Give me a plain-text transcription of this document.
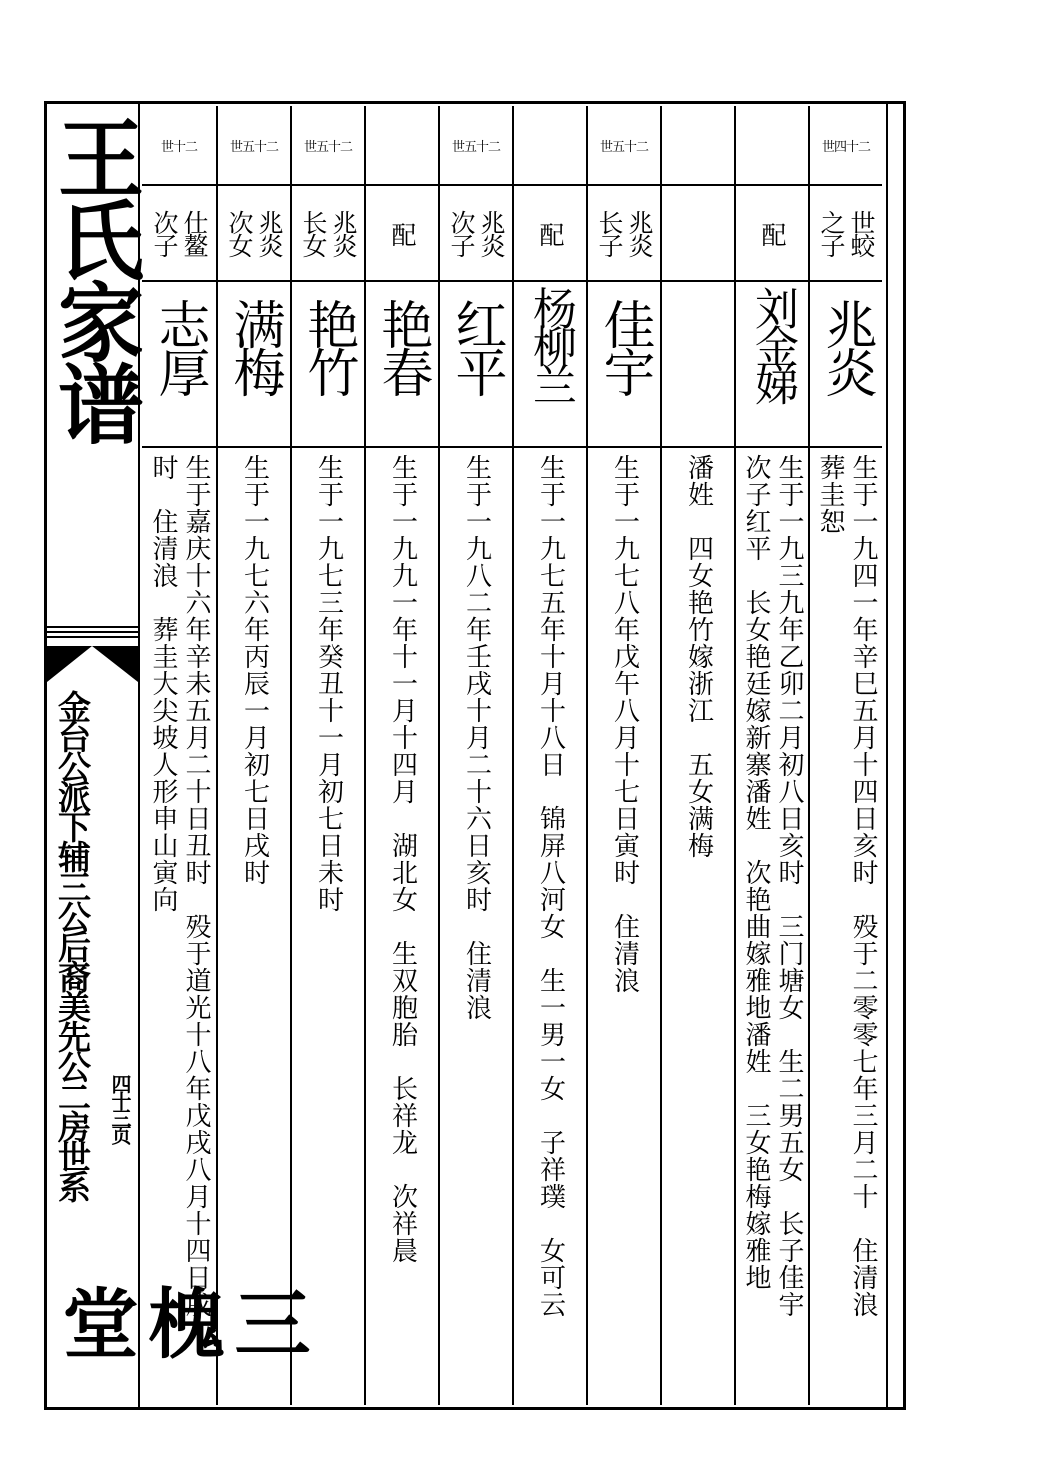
王氏家谱
金台公派下辅三公后裔美先公二房世系 四十三页
三槐堂
世十二
仕鳌
次子
志厚
生于嘉庆十六年辛未五月二十日丑时　殁于道光十八年戊戌八月十四日戌
时　住清浪　葬圭大尖坡人形申山寅向
世五十二
兆炎
次女
满梅
生于一九七六年丙辰一月初七日戌时
世五十二
兆炎
长女
艳竹
生于一九七三年癸丑十一月初七日未时
配
艳春
生于一九九一年十一月十四月　湖北女　生双胞胎　长祥龙　次祥晨
世五十二
兆炎
次子
红平
生于一九八二年壬戌十月二十六日亥时　住清浪
配
杨柳兰
生于一九七五年十月十八日　锦屏八河女　生一男一女　子祥璞　女可云
世五十二
兆炎
长子
佳宇
生于一九七八年戊午八月十七日寅时　住清浪 潘姓　四女艳竹嫁浙江　五女满梅
配
刘金娣
生于一九三九年乙卯二月初八日亥时　三门塘女　生二男五女　长子佳宇
次子红平　长女艳廷嫁新寨潘姓　次艳曲嫁雅地潘姓　三女艳梅嫁雅地
世四十二
世蛟
之子
兆炎
生于一九四一年辛巳五月十四日亥时　殁于二零零七年三月二十　住清浪
葬圭恕
